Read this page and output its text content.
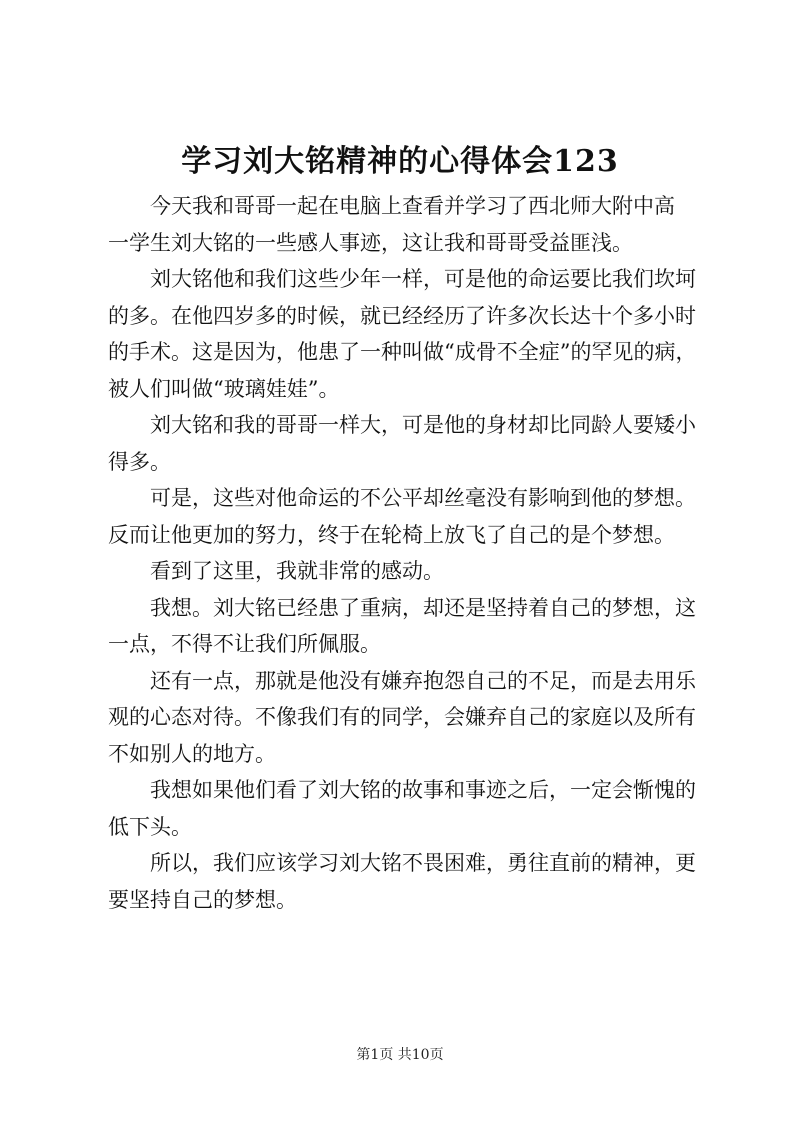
学习刘大铭精神的心得体会123
今天我和哥哥一起在电脑上查看并学习了西北师大附中高
一学生刘大铭的一些感人事迹，这让我和哥哥受益匪浅。
刘大铭他和我们这些少年一样，可是他的命运要比我们坎坷
的多。在他四岁多的时候，就已经经历了许多次长达十个多小时
的手术。这是因为，他患了一种叫做“成骨不全症”的罕见的病，
被人们叫做“玻璃娃娃”。
刘大铭和我的哥哥一样大，可是他的身材却比同龄人要矮小
得多。
可是，这些对他命运的不公平却丝毫没有影响到他的梦想。
反而让他更加的努力，终于在轮椅上放飞了自己的是个梦想。
看到了这里，我就非常的感动。
我想。刘大铭已经患了重病，却还是坚持着自己的梦想，这
一点，不得不让我们所佩服。
还有一点，那就是他没有嫌弃抱怨自己的不足，而是去用乐
观的心态对待。不像我们有的同学，会嫌弃自己的家庭以及所有
不如别人的地方。
我想如果他们看了刘大铭的故事和事迹之后，一定会惭愧的
低下头。
所以，我们应该学习刘大铭不畏困难，勇往直前的精神，更
要坚持自己的梦想。
第1页 共10页
